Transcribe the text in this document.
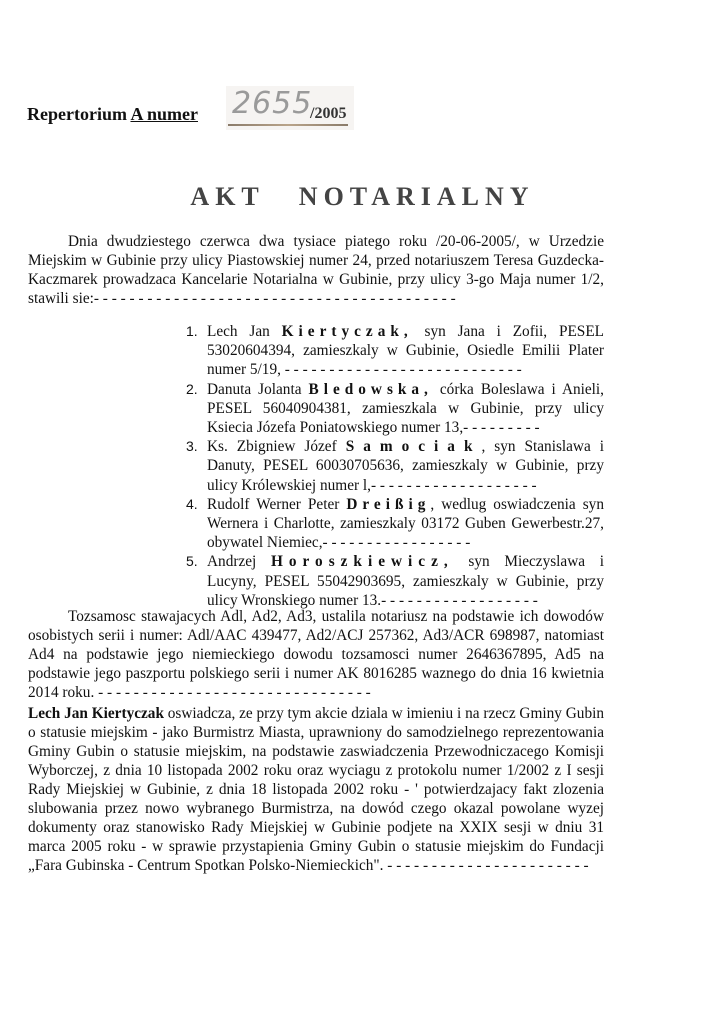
Repertorium A numer 2655
/2005
AKT NOTARIALNY
Dnia dwudziestego czerwca dwa tysiace piatego roku /20-06-2005/, w Urzedzie Miejskim w Gubinie przy ulicy Piastowskiej numer 24, przed notariuszem Teresa Guzdecka-Kaczmarek prowadzaca Kancelarie Notarialna w Gubinie, przy ulicy 3-go Maja numer 1/2, stawili sie:- - - - - - - - - - - - - - - - - - - - - - - - - - - - - - - - - - - - - - - - -
1. Lech Jan Kiertyczak, syn Jana i Zofii, PESEL 53020604394, zamieszkaly w Gubinie, Osiedle Emilii Plater numer 5/19, - - - - - - - - - - - - - - - - - - - - - - - - - - -
2. Danuta Jolanta Bledowska, córka Boleslawa i Anieli, PESEL 56040904381, zamieszkala w Gubinie, przy ulicy Ksiecia Józefa Poniatowskiego numer 13,- - - - - - - - -
3. Ks. Zbigniew Józef Samociak, syn Stanislawa i Danuty, PESEL 60030705636, zamieszkaly w Gubinie, przy ulicy Królewskiej numer l,- - - - - - - - - - - - - - - - - - -
4. Rudolf Werner Peter Dreißig, wedlug oswiadczenia syn Wernera i Charlotte, zamieszkaly 03172 Guben Gewerbestr.27, obywatel Niemiec,- - - - - - - - - - - - - - - - -
5. Andrzej Horoszkiewicz, syn Mieczyslawa i Lucyny, PESEL 55042903695, zamieszkaly w Gubinie, przy ulicy Wronskiego numer 13.- - - - - - - - - - - - - - - - - -
Tozsamosc stawajacych Adl, Ad2, Ad3, ustalila notariusz na podstawie ich dowodów osobistych serii i numer: Adl/AAC 439477, Ad2/ACJ 257362, Ad3/ACR 698987, natomiast Ad4 na podstawie jego niemieckiego dowodu tozsamosci numer 2646367895, Ad5 na podstawie jego paszportu polskiego serii i numer AK 8016285 waznego do dnia 16 kwietnia 2014 roku. - - - - - - - - - - - - - - - - - - - - - - - - - - - - - - -
Lech Jan Kiertyczak oswiadcza, ze przy tym akcie dziala w imieniu i na rzecz Gminy Gubin o statusie miejskim - jako Burmistrz Miasta, uprawniony do samodzielnego reprezentowania Gminy Gubin o statusie miejskim, na podstawie zaswiadczenia Przewodniczacego Komisji Wyborczej, z dnia 10 listopada 2002 roku oraz wyciagu z protokolu numer 1/2002 z I sesji Rady Miejskiej w Gubinie, z dnia 18 listopada 2002 roku - ' potwierdzajacy fakt zlozenia slubowania przez nowo wybranego Burmistrza, na dowód czego okazal powolane wyzej dokumenty oraz stanowisko Rady Miejskiej w Gubinie podjete na XXIX sesji w dniu 31 marca 2005 roku - w sprawie przystapienia Gminy Gubin o statusie miejskim do Fundacji „Fara Gubinska - Centrum Spotkan Polsko-Niemieckich". - - - - - - - - - - - - - - - - - - - - - - -
